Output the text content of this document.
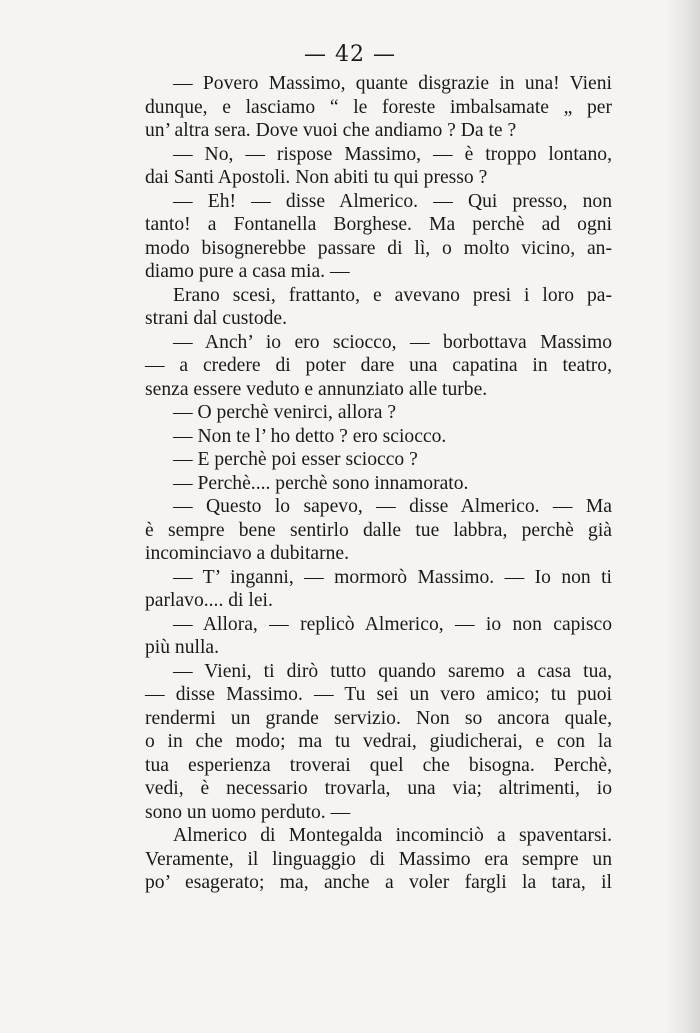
— 42 —
— Povero Massimo, quante disgrazie in una! Vieni
dunque, e lasciamo “ le foreste imbalsamate „ per
un’ altra sera. Dove vuoi che andiamo ? Da te ?
— No, — rispose Massimo, — è troppo lontano,
dai Santi Apostoli. Non abiti tu qui presso ?
— Eh! — disse Almerico. — Qui presso, non
tanto! a Fontanella Borghese. Ma perchè ad ogni
modo bisognerebbe passare di lì, o molto vicino, an-
diamo pure a casa mia. —
Erano scesi, frattanto, e avevano presi i loro pa-
strani dal custode.
— Anch’ io ero sciocco, — borbottava Massimo
— a credere di poter dare una capatina in teatro,
senza essere veduto e annunziato alle turbe.
— O perchè venirci, allora ?
— Non te l’ ho detto ? ero sciocco.
— E perchè poi esser sciocco ?
— Perchè.... perchè sono innamorato.
— Questo lo sapevo, — disse Almerico. — Ma
è sempre bene sentirlo dalle tue labbra, perchè già
incominciavo a dubitarne.
— T’ inganni, — mormorò Massimo. — Io non ti
parlavo.... di lei.
— Allora, — replicò Almerico, — io non capisco
più nulla.
— Vieni, ti dirò tutto quando saremo a casa tua,
— disse Massimo. — Tu sei un vero amico; tu puoi
rendermi un grande servizio. Non so ancora quale,
o in che modo; ma tu vedrai, giudicherai, e con la
tua esperienza troverai quel che bisogna. Perchè,
vedi, è necessario trovarla, una via; altrimenti, io
sono un uomo perduto. —
Almerico di Montegalda incominciò a spaventarsi.
Veramente, il linguaggio di Massimo era sempre un
po’ esagerato; ma, anche a voler fargli la tara, il
